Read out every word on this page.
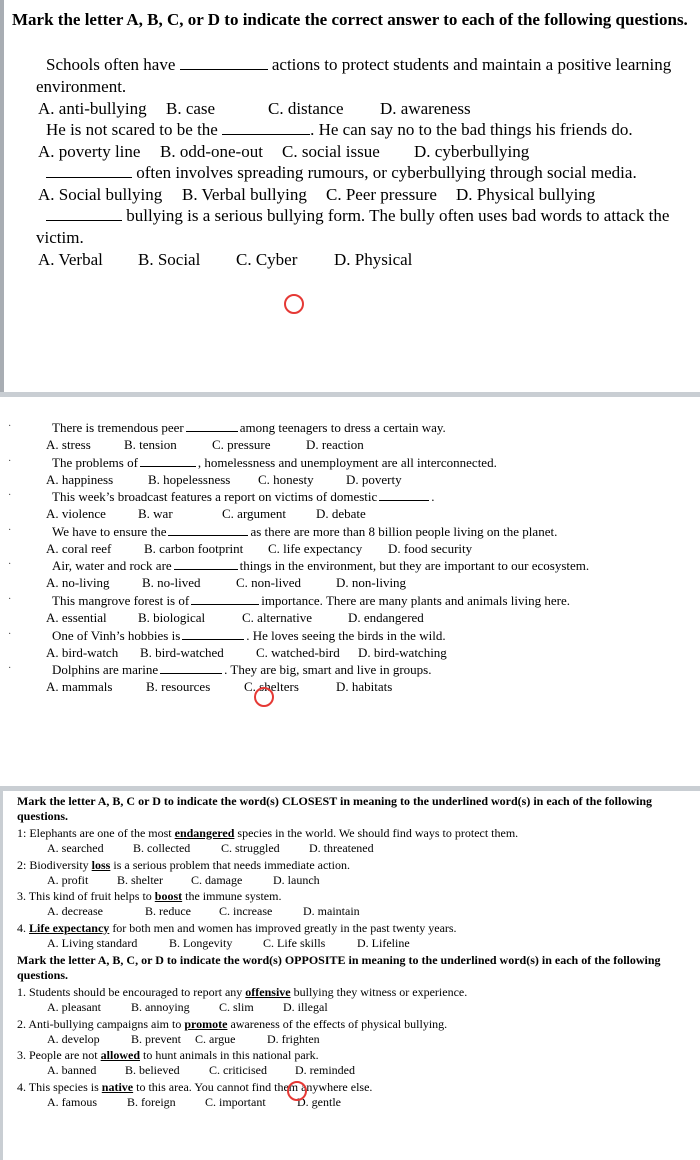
Mark the letter A, B, C, or D to indicate the correct answer to each of the following questions.
Schools often have	actions to protect students and maintain a positive learning
environment.
A. anti-bullying B. case	C. distance D. awareness
He is not scared to be the	. He can say no to the bad things his friends do.
A. poverty line B. odd-one-out C. social issue D. cyberbullying
often involves spreading rumours, or cyberbullying through social media.
A. Social bullying B. Verbal bullying C. Peer pressure D. Physical bullying
bullying is a serious bullying form. The bully often uses bad words to attack the
victim.
A. Verbal B. Social C. Cyber D. Physical
·	There is tremendous peer	among teenagers to dress a certain way.
A. stress	B. tension	C. pressure	D. reaction
·	The problems of	, homelessness and unemployment are all interconnected.
A. happiness	B. hopelessness C. honesty D. poverty
·	This week’s broadcast features a report on victims of domestic	.
A. violence B. war	C. argument D. debate
·	We have to ensure the	as there are more than 8 billion people living on the planet.
A. coral reef	B. carbon footprint C. life expectancy D. food security
·	Air, water and rock are	things in the environment, but they are important to our ecosystem.
A. no-living B. no-lived	C. non-lived	D. non-living
·	This mangrove forest is of	importance. There are many plants and animals living here.
A. essential B. biological	C. alternative	D. endangered
·	One of Vinh’s hobbies is	. He loves seeing the birds in the wild.
A. bird-watch B. bird-watched C. watched-bird D. bird-watching
·	Dolphins are marine	. They are big, smart and live in groups.
A. mammals	B. resources	C. shelters	D. habitats
Mark the letter A, B, C or D to indicate the word(s) CLOSEST in meaning to the underlined word(s) in each of the following questions.
1: Elephants are one of the most endangered species in the world. We should find ways to protect them.
A. searched B. collected	C. struggled D. threatened
2: Biodiversity loss is a serious problem that needs immediate action.
A. profit B. shelter C. damage	D. launch
3. This kind of fruit helps to boost the immune system.
A. decrease	B. reduce C. increase	D. maintain
4. Life expectancy for both men and women has improved greatly in the past twenty years.
A. Living standard	B. Longevity	C. Life skills	D. Lifeline
Mark the letter A, B, C, or D to indicate the word(s) OPPOSITE in meaning to the underlined word(s) in each of the following questions.
1. Students should be encouraged to report any offensive bullying they witness or experience.
A. pleasant	B. annoying C. slim D. illegal
2. Anti-bullying campaigns aim to promote awareness of the effects of physical bullying.
A. develop	B. prevent C. argue	D. frighten
3. People are not allowed to hunt animals in this national park.
A. banned B. believed C. criticised D. reminded
4. This species is native to this area. You cannot find them anywhere else.
A. famous	B. foreign C. important	D. gentle
